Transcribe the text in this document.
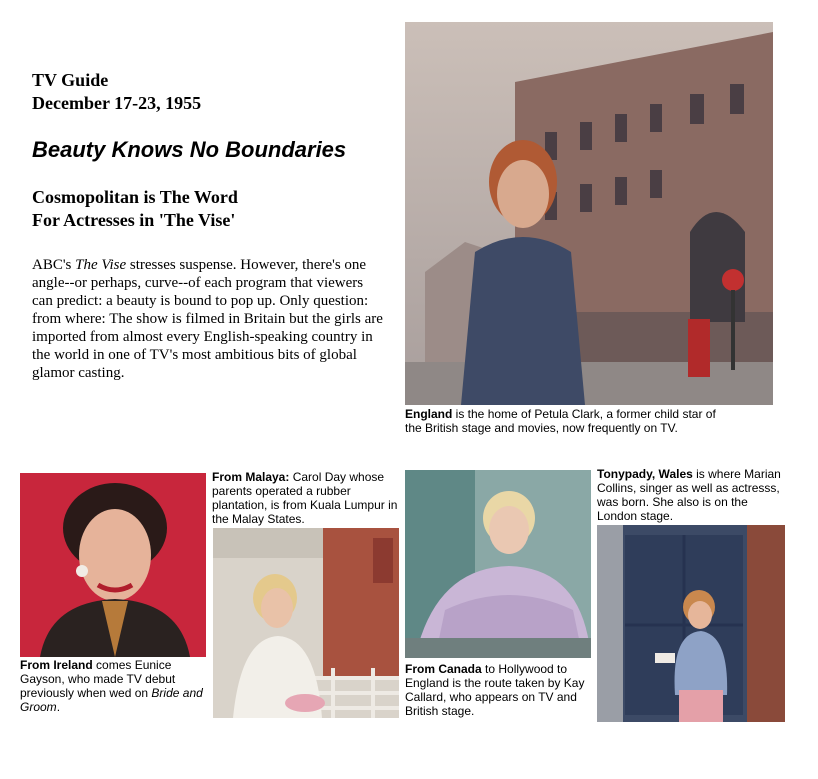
TV Guide
December 17-23, 1955
Beauty Knows No Boundaries
Cosmopolitan is The Word
For Actresses in 'The Vise'
ABC's The Vise stresses suspense. However, there's one angle--or perhaps, curve--of each program that viewers can predict: a beauty is bound to pop up. Only question: from where: The show is filmed in Britain but the girls are imported from almost every English-speaking country in the world in one of TV's most ambitious bits of global glamor casting.
England is the home of Petula Clark, a former child star of the British stage and movies, now frequently on TV.
From Ireland comes Eunice Gayson, who made TV debut previously when wed on Bride and Groom.
From Malaya: Carol Day whose parents operated a rubber plantation, is from Kuala Lumpur in the Malay States.
From Canada to Hollywood to England is the route taken by Kay Callard, who appears on TV and British stage.
Tonypady, Wales is where Marian Collins, singer as well as actresss, was born. She also is on the London stage.
